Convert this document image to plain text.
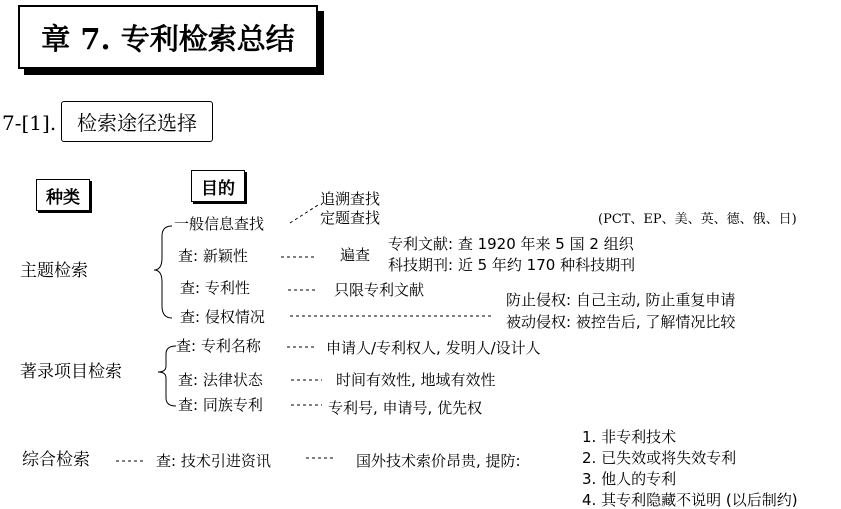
章 7. 专利检索总结
7-[1].	检索途径选择
种类	目的
主题检索
一般信息查找
追溯查找
定题查找	(PCT、EP、美、英、德、俄、日)
查: 新颖性	遍查
专利文献: 查 1920 年来 5 国 2 组织
科技期刊: 近 5 年约 170 种科技期刊
查: 专利性	只限专利文献
查: 侵权情况
防止侵权: 自己主动, 防止重复申请
被动侵权: 被控告后, 了解情况比较
著录项目检索
查: 专利名称	申请人/专利权人, 发明人/设计人
查: 法律状态	时间有效性, 地域有效性
查: 同族专利	专利号, 申请号, 优先权
综合检索	查: 技术引进资讯	国外技术索价昂贵, 提防:
1. 非专利技术
2. 已失效或将失效专利
3. 他人的专利
4. 其专利隐藏不说明 (以后制约)
